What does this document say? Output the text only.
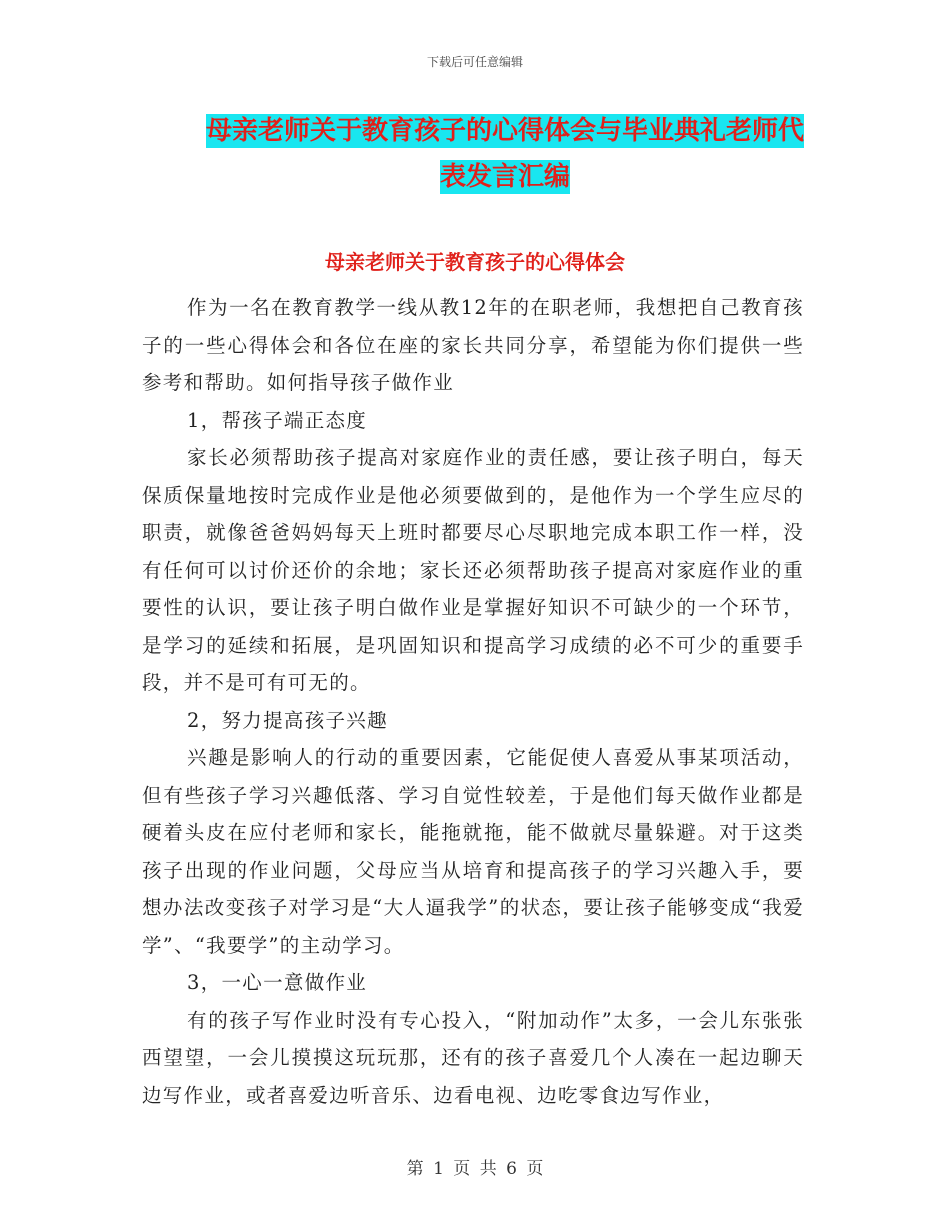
下载后可任意编辑
母亲老师关于教育孩子的心得体会与毕业典礼老师代
表发言汇编
母亲老师关于教育孩子的心得体会

作为一名在教育教学一线从教12年的在职老师，我想把自己教育孩子的一些心得体会和各位在座的家长共同分享，希望能为你们提供一些参考和帮助。如何指导孩子做作业

1，帮孩子端正态度

家长必须帮助孩子提高对家庭作业的责任感，要让孩子明白，每天保质保量地按时完成作业是他必须要做到的，是他作为一个学生应尽的职责，就像爸爸妈妈每天上班时都要尽心尽职地完成本职工作一样，没有任何可以讨价还价的余地；家长还必须帮助孩子提高对家庭作业的重要性的认识，要让孩子明白做作业是掌握好知识不可缺少的一个环节，是学习的延续和拓展，是巩固知识和提高学习成绩的必不可少的重要手段，并不是可有可无的。

2，努力提高孩子兴趣

兴趣是影响人的行动的重要因素，它能促使人喜爱从事某项活动，但有些孩子学习兴趣低落、学习自觉性较差，于是他们每天做作业都是硬着头皮在应付老师和家长，能拖就拖，能不做就尽量躲避。对于这类孩子出现的作业问题，父母应当从培育和提高孩子的学习兴趣入手，要想办法改变孩子对学习是“大人逼我学”的状态，要让孩子能够变成“我爱学”、“我要学”的主动学习。

3，一心一意做作业

有的孩子写作业时没有专心投入，“附加动作”太多，一会儿东张张西望望，一会儿摸摸这玩玩那，还有的孩子喜爱几个人凑在一起边聊天边写作业，或者喜爱边听音乐、边看电视、边吃零食边写作业，

第 1 页 共 6 页
